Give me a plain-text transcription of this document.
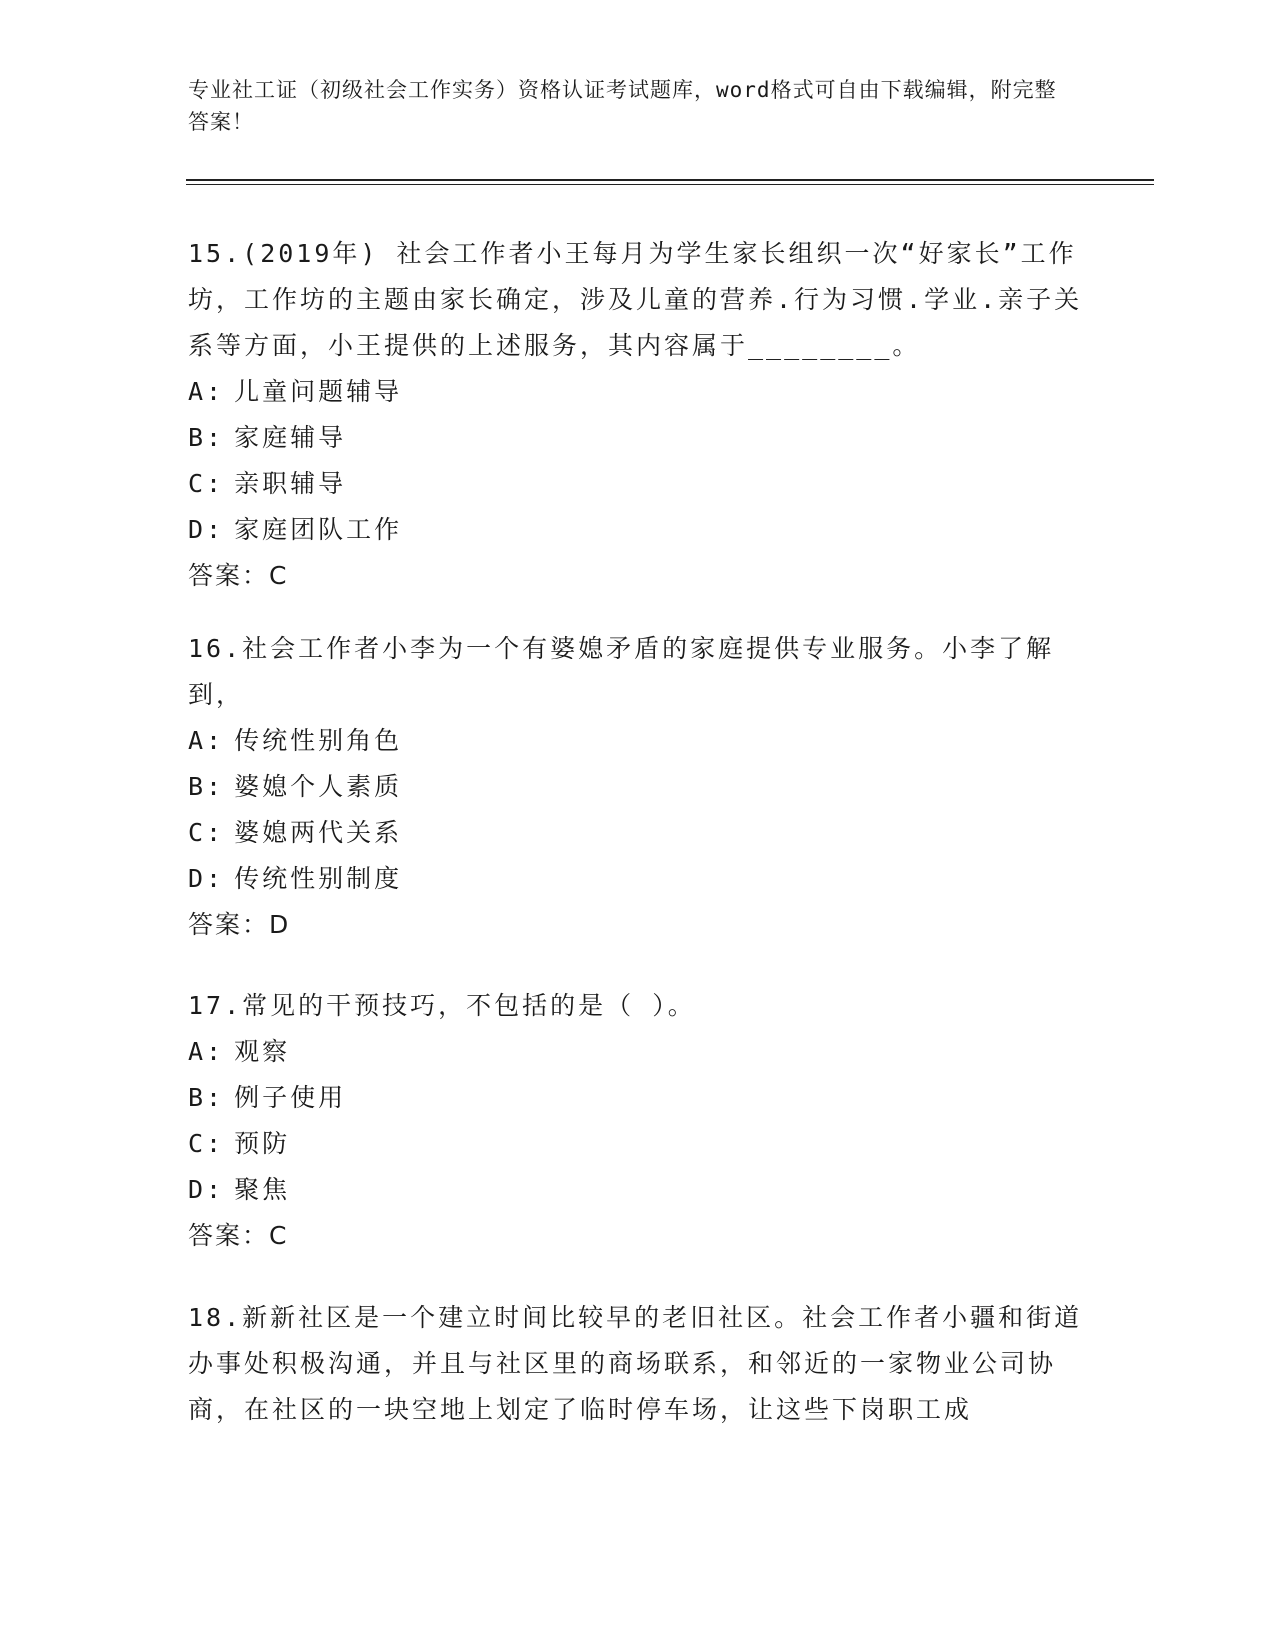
专业社工证（初级社会工作实务）资格认证考试题库，word格式可自由下载编辑，附完整答案！

15.(2019年) 社会工作者小王每月为学生家长组织一次“好家长”工作坊，工作坊的主题由家长确定，涉及儿童的营养.行为习惯.学业.亲子关系等方面，小王提供的上述服务，其内容属于________。

A: 儿童问题辅导

B: 家庭辅导

C: 亲职辅导

D: 家庭团队工作

答案：C

16.社会工作者小李为一个有婆媳矛盾的家庭提供专业服务。小李了解到，

A: 传统性别角色

B: 婆媳个人素质

C: 婆媳两代关系

D: 传统性别制度

答案：D

17.常见的干预技巧，不包括的是（ ）。

A: 观察

B: 例子使用

C: 预防

D: 聚焦

答案：C

18.新新社区是一个建立时间比较早的老旧社区。社会工作者小疆和街道办事处积极沟通，并且与社区里的商场联系，和邻近的一家物业公司协商，在社区的一块空地上划定了临时停车场，让这些下岗职工成
